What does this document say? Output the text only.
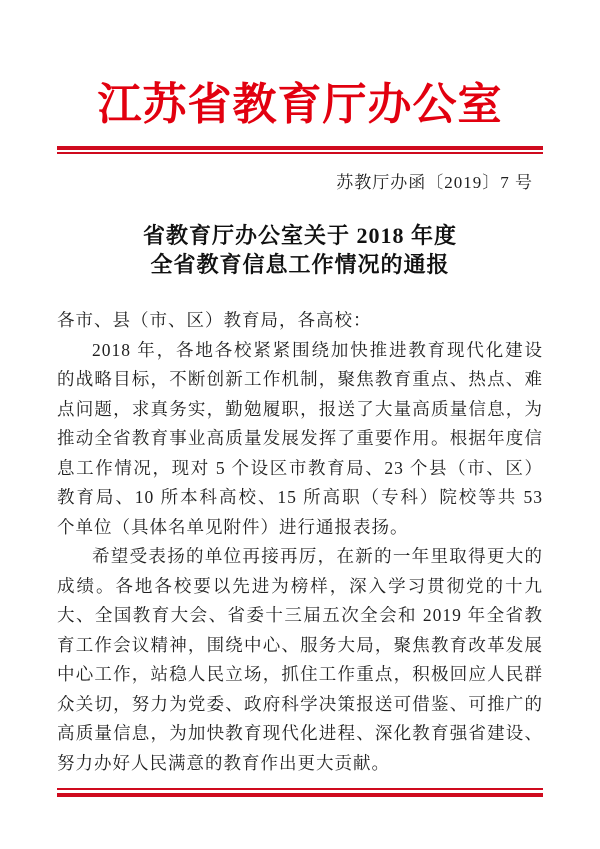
江苏省教育厅办公室
苏教厅办函〔2019〕7 号
省教育厅办公室关于 2018 年度
全省教育信息工作情况的通报

各市、县（市、区）教育局，各高校：

2018 年，各地各校紧紧围绕加快推进教育现代化建设的战略目标，不断创新工作机制，聚焦教育重点、热点、难点问题，求真务实，勤勉履职，报送了大量高质量信息，为推动全省教育事业高质量发展发挥了重要作用。根据年度信息工作情况，现对 5 个设区市教育局、23 个县（市、区）教育局、10 所本科高校、15 所高职（专科）院校等共 53 个单位（具体名单见附件）进行通报表扬。

希望受表扬的单位再接再厉，在新的一年里取得更大的成绩。各地各校要以先进为榜样，深入学习贯彻党的十九大、全国教育大会、省委十三届五次全会和 2019 年全省教育工作会议精神，围绕中心、服务大局，聚焦教育改革发展中心工作，站稳人民立场，抓住工作重点，积极回应人民群众关切，努力为党委、政府科学决策报送可借鉴、可推广的高质量信息，为加快教育现代化进程、深化教育强省建设、努力办好人民满意的教育作出更大贡献。
